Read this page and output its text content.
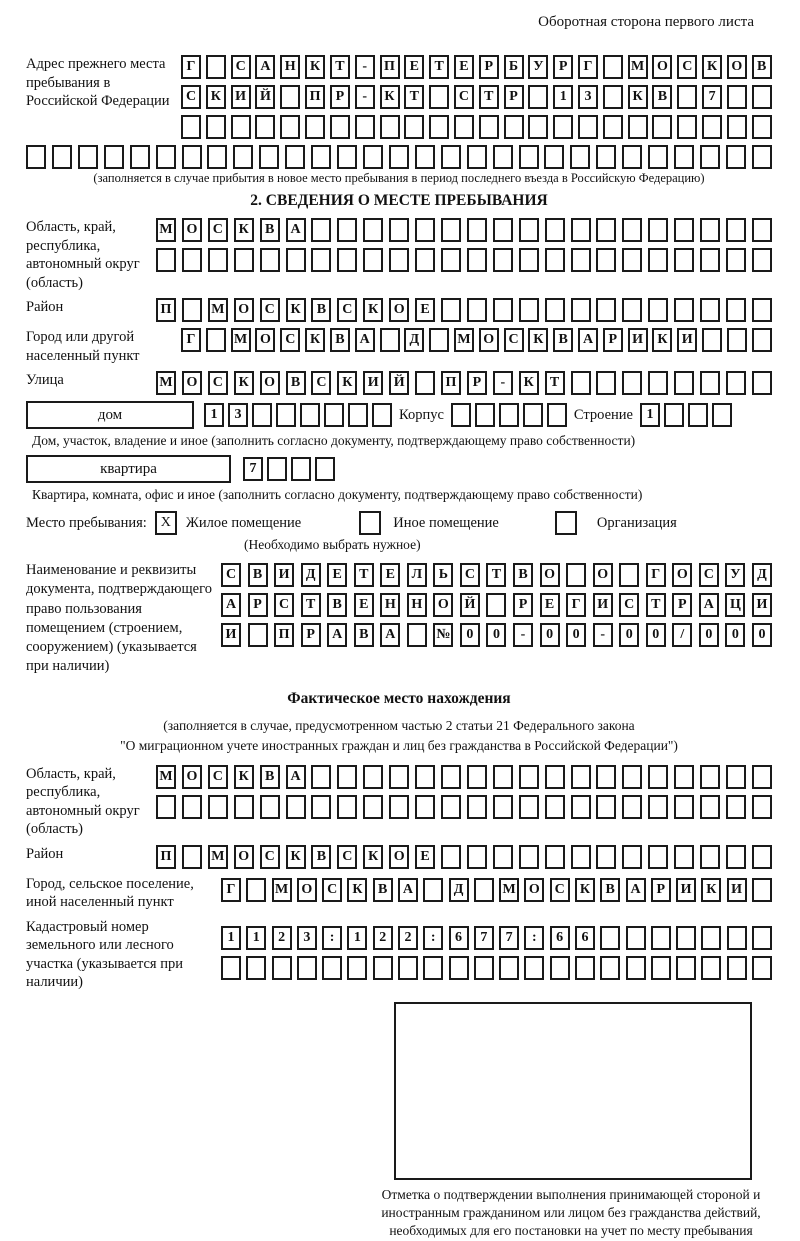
Оборотная сторона первого листа
Адрес прежнего места пребывания в Российской Федерации
Г	С	А	Н	К	Т	-	П	Е	Т	Е	Р	Б	У	Р	Г	М О	С	К	О	В
С	К	И Й	П	Р	-	К	Т	С	Т	Р	1	3	К	В	7
(заполняется в случае прибытия в новое место пребывания в период последнего въезда в Российскую Федерацию)
2. СВЕДЕНИЯ О МЕСТЕ ПРЕБЫВАНИЯ
Область, край, республика, автономный округ (область)
М О	С	К	В	А
Район	П	М О	С	К	В	С	К	О	Е
Город или другой населенный пункт
Г	М О	С	К	В	А	Д	М О	С	К	В	А	Р	И	К	И
Улица	М О	С	К	О	В	С	К	И	Й	П	Р	-	К	Т
дом	1	3	Корпус	Строение 1
Дом, участок, владение и иное (заполнить согласно документу, подтверждающему право собственности)
квартира	7
Квартира, комната, офис и иное (заполнить согласно документу, подтверждающему право собственности)
Место пребывания: X	Жилое помещение	Иное помещение	Организация
(Необходимо выбрать нужное)
Наименование и реквизиты документа, подтверждающего право пользования помещением (строением, сооружением) (указывается при наличии)
С	В	И	Д	Е	Т	Е	Л	Ь	С	Т	В	О	О	Г	О	С	У	Д
А	Р	С	Т	В	Е	Н	Н	О	Й	Р	Е	Г	И	С	Т	Р	А	Ц	И
И	П	Р	А	В	А	№	0	0	-	0	0	-	0	0	/	0	0	0
Фактическое место нахождения
(заполняется в случае, предусмотренном частью 2 статьи 21 Федерального закона
"О миграционном учете иностранных граждан и лиц без гражданства в Российской Федерации")
Область, край, республика, автономный округ (область)
М О	С	К	В	А
Район	П	М О	С	К	В	С	К	О	Е
Город, сельское поселение, иной населенный пункт
Г	М О	С	К	В	А	Д	М О	С	К	В	А	Р	И	К	И
Кадастровый номер земельного или лесного участка (указывается при наличии)
1	1	2	3	:	1	2	2	:	6	7	7	:	6	6
Отметка о подтверждении выполнения принимающей стороной и иностранным гражданином или лицом без гражданства действий, необходимых для его постановки на учет по месту пребывания
